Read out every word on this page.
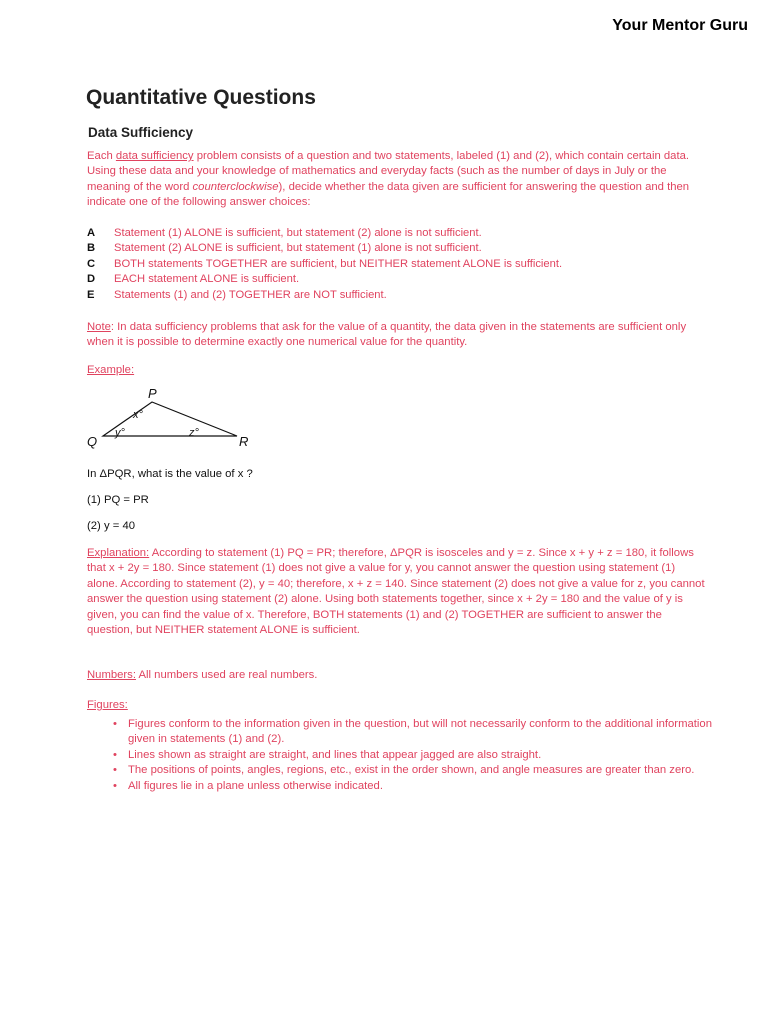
Your Mentor Guru
Quantitative Questions
Data Sufficiency
Each data sufficiency problem consists of a question and two statements, labeled (1) and (2), which contain certain data. Using these data and your knowledge of mathematics and everyday facts (such as the number of days in July or the meaning of the word counterclockwise), decide whether the data given are sufficient for answering the question and then indicate one of the following answer choices:
A	Statement (1) ALONE is sufficient, but statement (2) alone is not sufficient.
B	Statement (2) ALONE is sufficient, but statement (1) alone is not sufficient.
C	BOTH statements TOGETHER are sufficient, but NEITHER statement ALONE is sufficient.
D	EACH statement ALONE is sufficient.
E	Statements (1) and (2) TOGETHER are NOT sufficient.
Note: In data sufficiency problems that ask for the value of a quantity, the data given in the statements are sufficient only when it is possible to determine exactly one numerical value for the quantity.
Example:
P
Q	R
x°
y°	z°
In ΔPQR, what is the value of x ?
(1) PQ = PR
(2) y = 40
Explanation: According to statement (1) PQ = PR; therefore, ΔPQR is isosceles and y = z. Since x + y + z = 180, it follows that x + 2y = 180. Since statement (1) does not give a value for y, you cannot answer the question using statement (1) alone. According to statement (2), y = 40; therefore, x + z = 140. Since statement (2) does not give a value for z, you cannot answer the question using statement (2) alone. Using both statements together, since x + 2y = 180 and the value of y is given, you can find the value of x. Therefore, BOTH statements (1) and (2) TOGETHER are sufficient to answer the question, but NEITHER statement ALONE is sufficient.
Numbers: All numbers used are real numbers.
Figures:
• Figures conform to the information given in the question, but will not necessarily conform to the additional information given in statements (1) and (2).
• Lines shown as straight are straight, and lines that appear jagged are also straight.
• The positions of points, angles, regions, etc., exist in the order shown, and angle measures are greater than zero.
• All figures lie in a plane unless otherwise indicated.
